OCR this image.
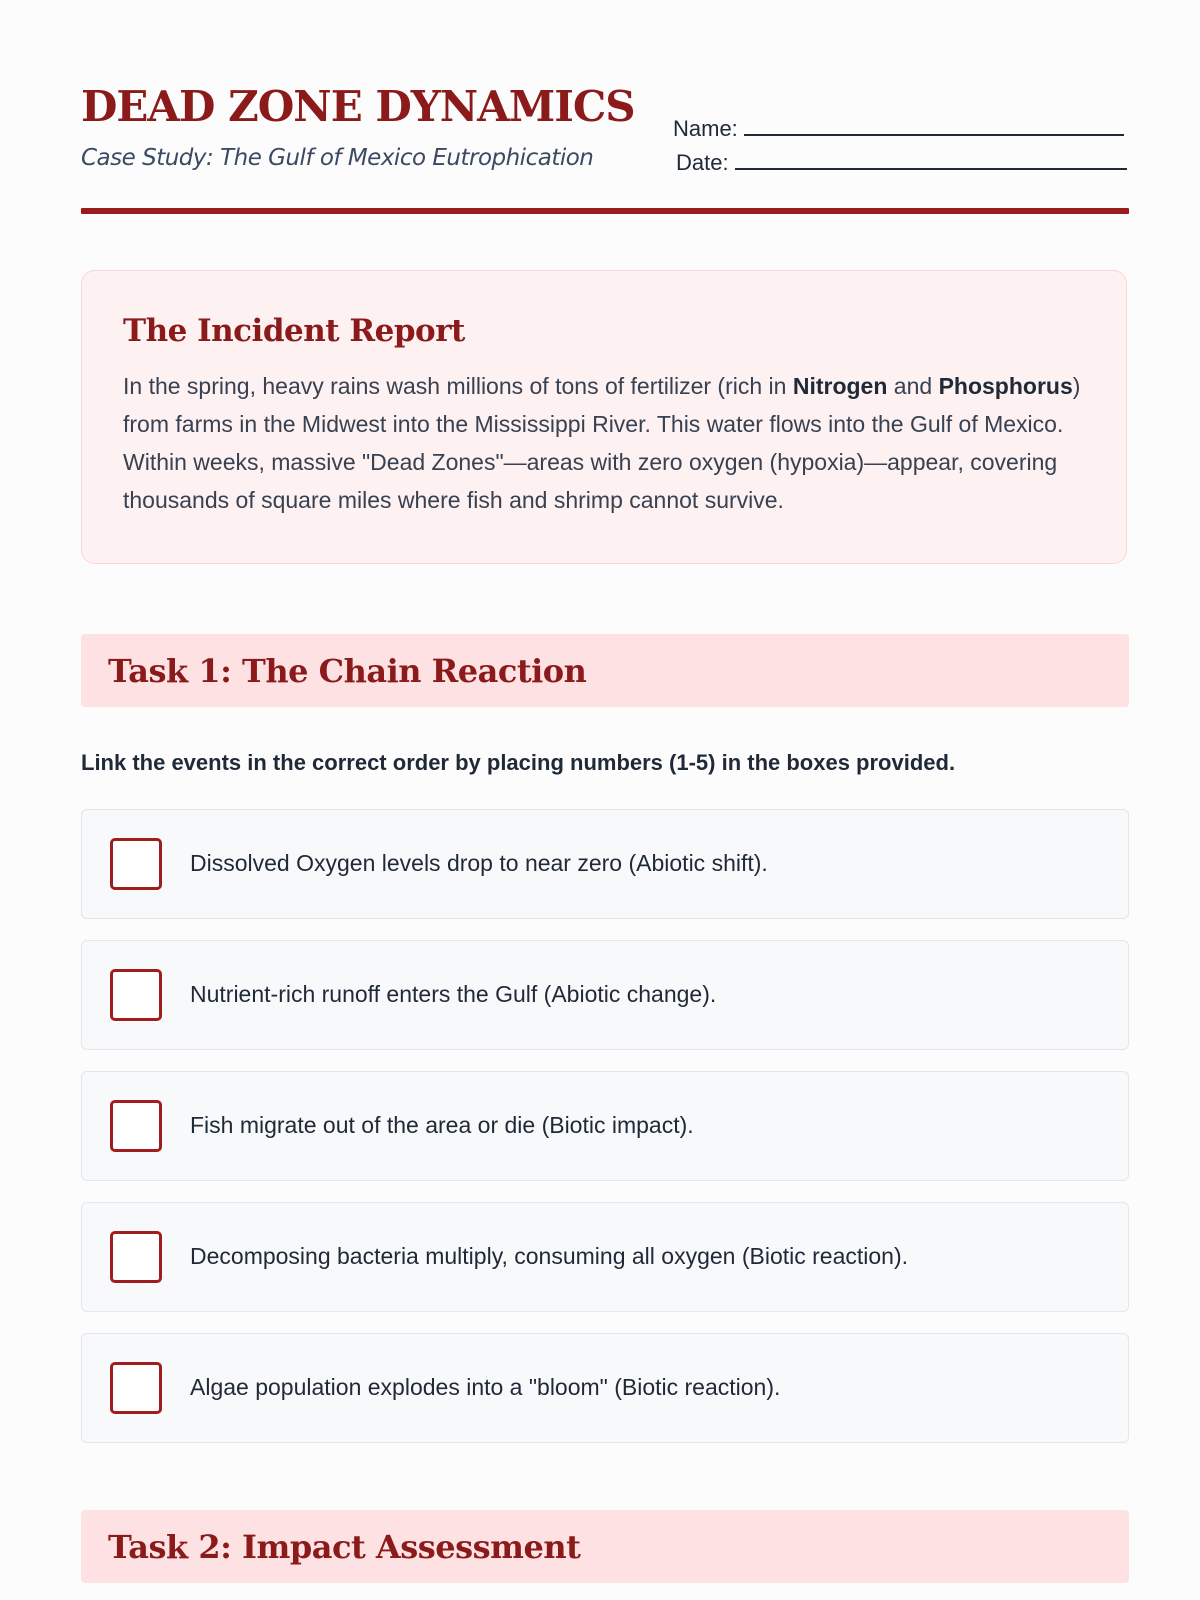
DEAD ZONE DYNAMICS

Case Study: The Gulf of Mexico Eutrophication

Name:
Date:
The Incident Report

In the spring, heavy rains wash millions of tons of fertilizer (rich in Nitrogen and Phosphorus) from farms in the Midwest into the Mississippi River. This water flows into the Gulf of Mexico. Within weeks, massive "Dead Zones"—areas with zero oxygen (hypoxia)—appear, covering thousands of square miles where fish and shrimp cannot survive.

Task 1: The Chain Reaction

Link the events in the correct order by placing numbers (1-5) in the boxes provided.

Dissolved Oxygen levels drop to near zero (Abiotic shift).
Nutrient-rich runoff enters the Gulf (Abiotic change).
Fish migrate out of the area or die (Biotic impact).
Decomposing bacteria multiply, consuming all oxygen (Biotic reaction).
Algae population explodes into a "bloom" (Biotic reaction).
Task 2: Impact Assessment
